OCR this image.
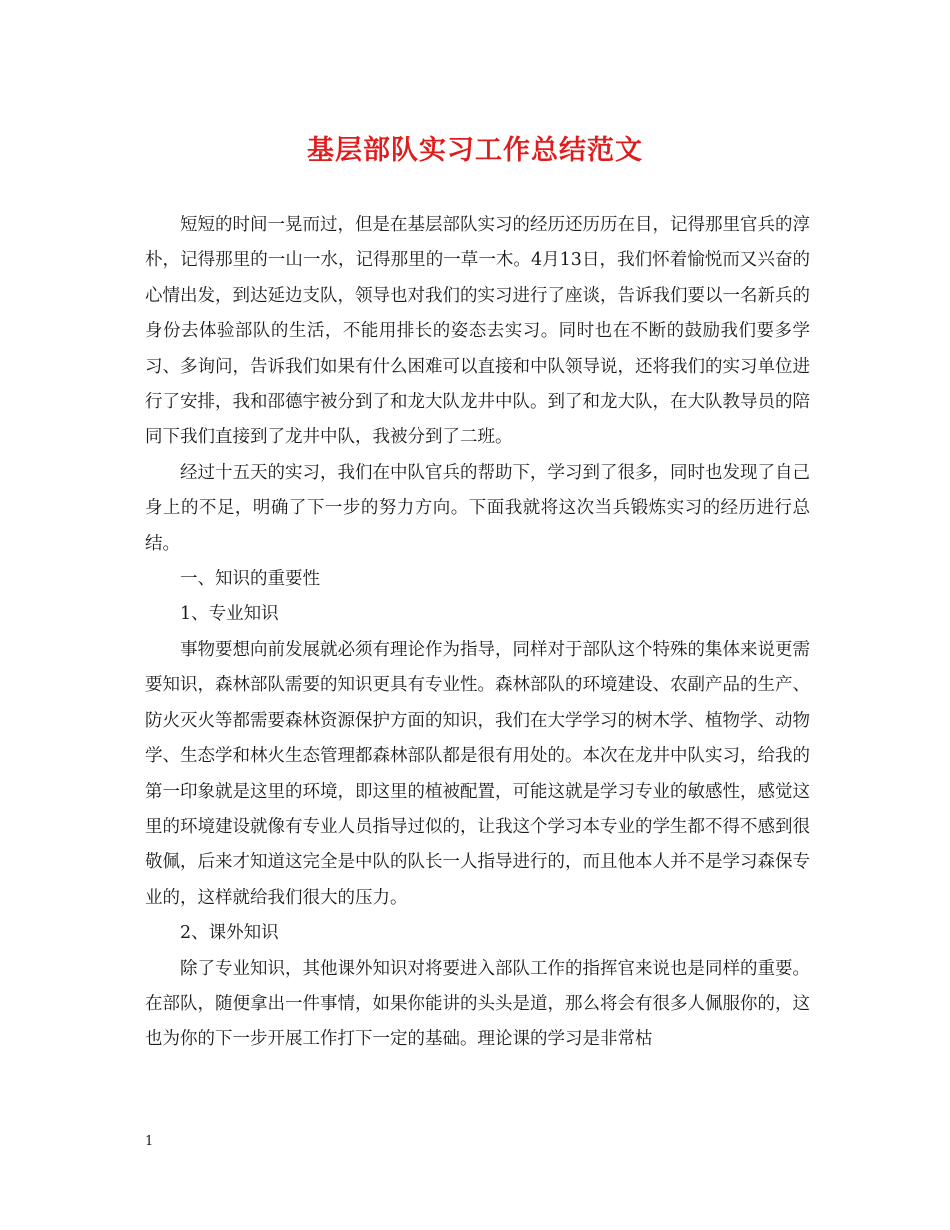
基层部队实习工作总结范文

短短的时间一晃而过，但是在基层部队实习的经历还历历在目，记得那里官兵的淳朴，记得那里的一山一水，记得那里的一草一木。4月13日，我们怀着愉悦而又兴奋的心情出发，到达延边支队，领导也对我们的实习进行了座谈，告诉我们要以一名新兵的身份去体验部队的生活，不能用排长的姿态去实习。同时也在不断的鼓励我们要多学习、多询问，告诉我们如果有什么困难可以直接和中队领导说，还将我们的实习单位进行了安排，我和邵德宇被分到了和龙大队龙井中队。到了和龙大队，在大队教导员的陪同下我们直接到了龙井中队，我被分到了二班。

经过十五天的实习，我们在中队官兵的帮助下，学习到了很多，同时也发现了自己身上的不足，明确了下一步的努力方向。下面我就将这次当兵锻炼实习的经历进行总结。

一、知识的重要性

1、专业知识

事物要想向前发展就必须有理论作为指导，同样对于部队这个特殊的集体来说更需要知识，森林部队需要的知识更具有专业性。森林部队的环境建设、农副产品的生产、防火灭火等都需要森林资源保护方面的知识，我们在大学学习的树木学、植物学、动物学、生态学和林火生态管理都森林部队都是很有用处的。本次在龙井中队实习，给我的第一印象就是这里的环境，即这里的植被配置，可能这就是学习专业的敏感性，感觉这里的环境建设就像有专业人员指导过似的，让我这个学习本专业的学生都不得不感到很敬佩，后来才知道这完全是中队的队长一人指导进行的，而且他本人并不是学习森保专业的，这样就给我们很大的压力。

2、课外知识

除了专业知识，其他课外知识对将要进入部队工作的指挥官来说也是同样的重要。在部队，随便拿出一件事情，如果你能讲的头头是道，那么将会有很多人佩服你的，这也为你的下一步开展工作打下一定的基础。理论课的学习是非常枯

1
